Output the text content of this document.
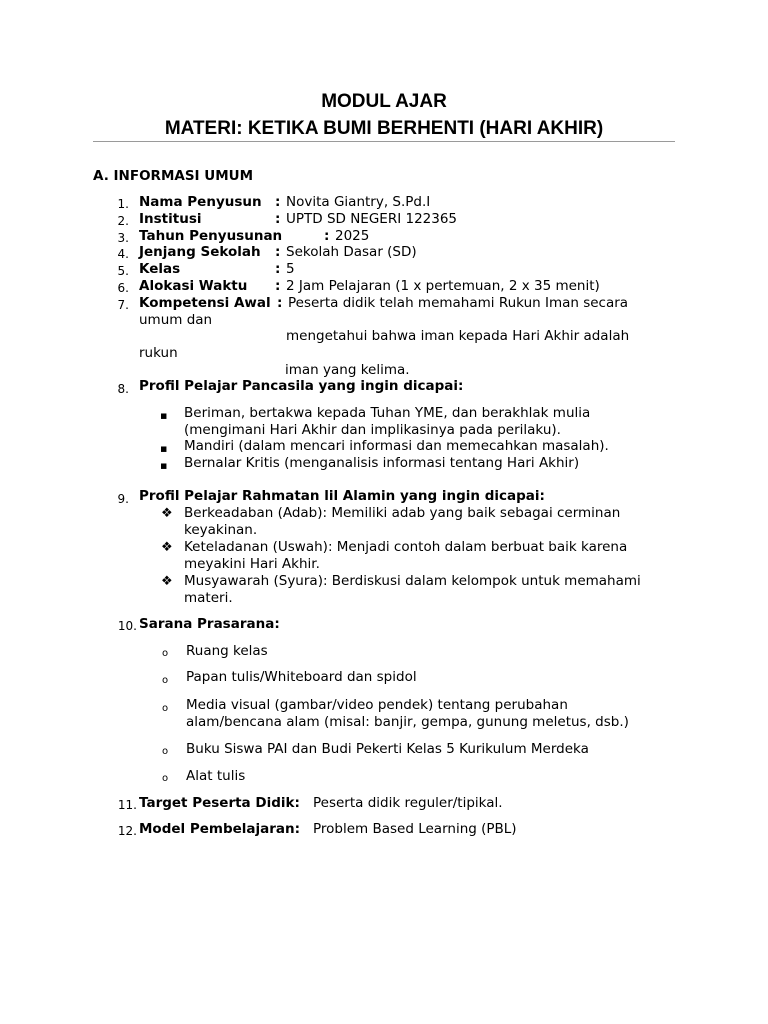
MODUL AJAR
MATERI: KETIKA BUMI BERHENTI (HARI AKHIR)
A. INFORMASI UMUM
1. Nama Penyusun : Novita Giantry, S.Pd.I
2. Institusi	: UPTD SD NEGERI 122365
3. Tahun Penyusunan	: 2025
4. Jenjang Sekolah : Sekolah Dasar (SD)
5. Kelas	: 5
6. Alokasi Waktu : 2 Jam Pelajaran (1 x pertemuan, 2 x 35 menit)
7. Kompetensi Awal : Peserta didik telah memahami Rukun Iman secara
umum dan
mengetahui bahwa iman kepada Hari Akhir adalah
rukun
iman yang kelima.
8. Profil Pelajar Pancasila yang ingin dicapai:
▪ Beriman, bertakwa kepada Tuhan YME, dan berakhlak mulia
(mengimani Hari Akhir dan implikasinya pada perilaku).
▪ Mandiri (dalam mencari informasi dan memecahkan masalah).
▪ Bernalar Kritis (menganalisis informasi tentang Hari Akhir)
9. Profil Pelajar Rahmatan lil Alamin yang ingin dicapai:
❖ Berkeadaban (Adab): Memiliki adab yang baik sebagai cerminan
keyakinan.
❖ Keteladanan (Uswah): Menjadi contoh dalam berbuat baik karena
meyakini Hari Akhir.
❖ Musyawarah (Syura): Berdiskusi dalam kelompok untuk memahami
materi.
10. Sarana Prasarana:
o Ruang kelas
o Papan tulis/Whiteboard dan spidol
o Media visual (gambar/video pendek) tentang perubahan
alam/bencana alam (misal: banjir, gempa, gunung meletus, dsb.)
o Buku Siswa PAI dan Budi Pekerti Kelas 5 Kurikulum Merdeka
o Alat tulis
11. Target Peserta Didik: Peserta didik reguler/tipikal.
12. Model Pembelajaran: Problem Based Learning (PBL)
